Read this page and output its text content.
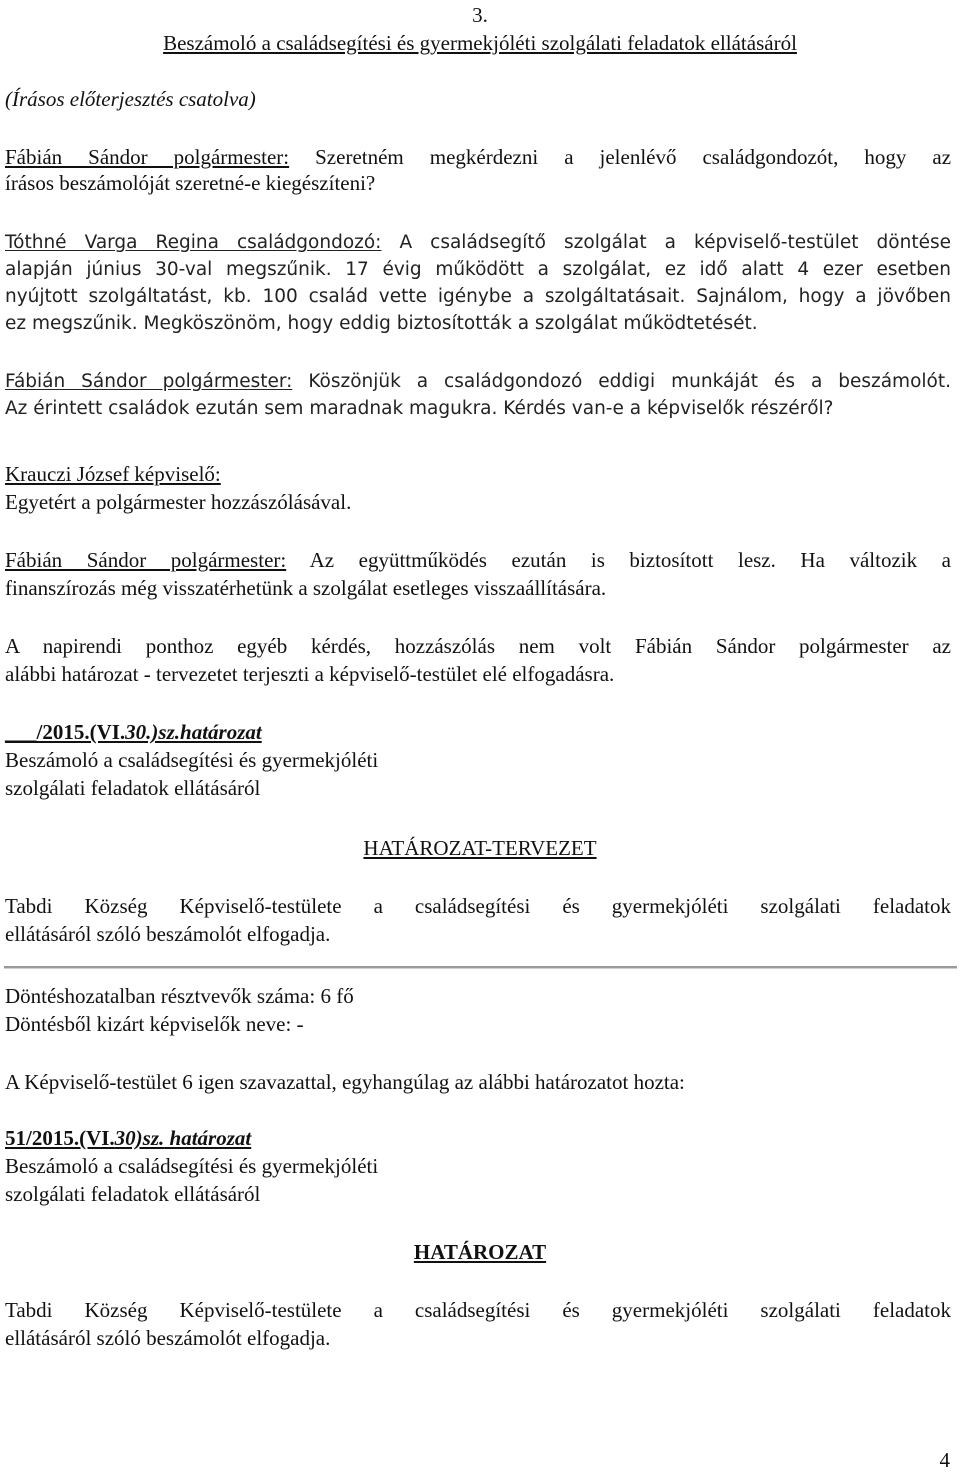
3.
Beszámoló a családsegítési és gyermekjóléti szolgálati feladatok ellátásáról
(Írásos előterjesztés csatolva)
Fábián Sándor polgármester: Szeretném megkérdezni a jelenlévő családgondozót, hogy az
írásos beszámolóját szeretné-e kiegészíteni?
Tóthné Varga Regina családgondozó: A családsegítő szolgálat a képviselő-testület döntése
alapján június 30-val megszűnik. 17 évig működött a szolgálat, ez idő alatt 4 ezer esetben
nyújtott szolgáltatást, kb. 100 család vette igénybe a szolgáltatásait. Sajnálom, hogy a jövőben
ez megszűnik. Megköszönöm, hogy eddig biztosították a szolgálat működtetését.
Fábián Sándor polgármester: Köszönjük a családgondozó eddigi munkáját és a beszámolót.
Az érintett családok ezután sem maradnak magukra. Kérdés van-e a képviselők részéről?
Krauczi József képviselő:
Egyetért a polgármester hozzászólásával.
Fábián Sándor polgármester: Az együttműködés ezután is biztosított lesz. Ha változik a
finanszírozás még visszatérhetünk a szolgálat esetleges visszaállítására.
A napirendi ponthoz egyéb kérdés, hozzászólás nem volt Fábián Sándor polgármester az
alábbi határozat - tervezetet terjeszti a képviselő-testület elé elfogadásra.
___/2015.(VI.30.)sz.határozat
Beszámoló a családsegítési és gyermekjóléti
szolgálati feladatok ellátásáról
HATÁROZAT-TERVEZET
Tabdi Község Képviselő-testülete a családsegítési és gyermekjóléti szolgálati feladatok
ellátásáról szóló beszámolót elfogadja.
Döntéshozatalban résztvevők száma: 6 fő
Döntésből kizárt képviselők neve: -
A Képviselő-testület 6 igen szavazattal, egyhangúlag az alábbi határozatot hozta:
51/2015.(VI.30)sz. határozat
Beszámoló a családsegítési és gyermekjóléti
szolgálati feladatok ellátásáról
HATÁROZAT
Tabdi Község Képviselő-testülete a családsegítési és gyermekjóléti szolgálati feladatok
ellátásáról szóló beszámolót elfogadja.
4
